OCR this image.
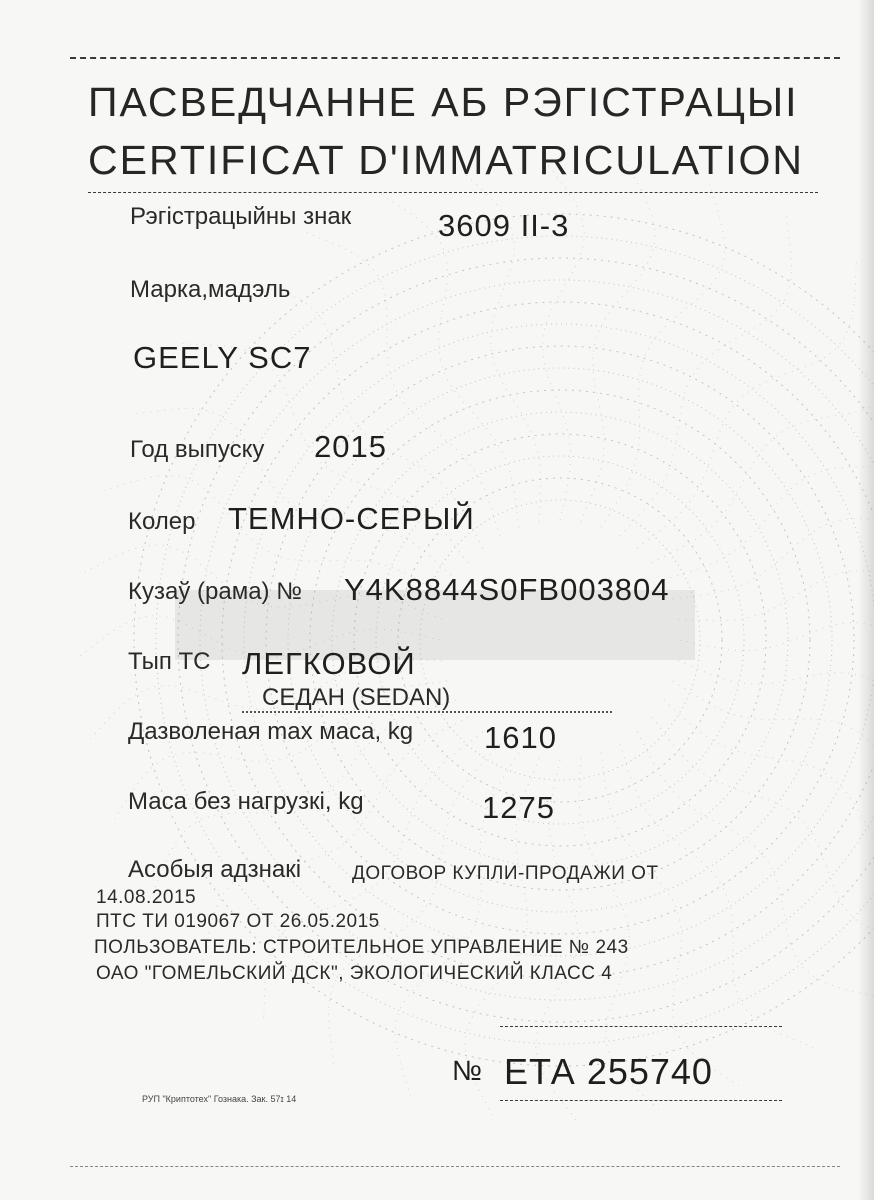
ПАСВЕДЧАННЕ АБ РЭГІСТРАЦЫІ
CERTIFICAT D'IMMATRICULATION
Рэгістрацыйны знак	3609 II-3
Марка,мадэль
GEELY SC7
Год выпуску 2015
Колер ТЕМНО-СЕРЫЙ
Кузаў (рама) № Y4K8844S0FB003804
Тып ТС ЛЕГКОВОЙ
СЕДАН (SEDAN)
Дазволеная max маса, kg 1610
Маса без нагрузкі, kg	1275
Асобыя адзнакі	ДОГОВОР КУПЛИ-ПРОДАЖИ ОТ
14.08.2015
ПТС ТИ 019067 ОТ 26.05.2015
ПОЛЬЗОВАТЕЛЬ: СТРОИТЕЛЬНОЕ УПРАВЛЕНИЕ № 243
ОАО "ГОМЕЛЬСКИЙ ДСК", ЭКОЛОГИЧЕСКИЙ КЛАСС 4
№ ЕТА 255740
РУП "Криптотех" Гознака. Зак. 57ɪ 14
